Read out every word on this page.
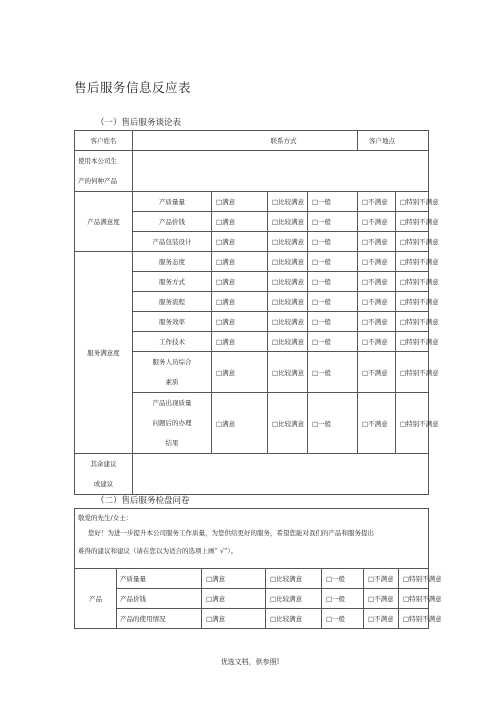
售后服务信息反应表
（一）售后服务谈论表
客户姓名			联系方式		客户地点	

使用本公司生
产的何种产品						

产品满意度	产质量量	□满意	□比较满意	□一般	□不满意	□特别不满意
	产品价钱	□满意	□比较满意	□一般	□不满意	□特别不满意
	产品包装设计	□满意	□比较满意	□一般	□不满意	□特别不满意
服务满意度	服务态度	□满意	□比较满意	□一般	□不满意	□特别不满意
	服务方式	□满意	□比较满意	□一般	□不满意	□特别不满意
	服务流程	□满意	□比较满意	□一般	□不满意	□特别不满意
	服务效率	□满意	□比较满意	□一般	□不满意	□特别不满意
	工作技术	□满意	□比较满意	□一般	□不满意	□特别不满意

	服务人员综合
素质	□满意	□比较满意	□一般	□不满意	□特别不满意

	产品出现质量
问题后的办理
结果	□满意	□比较满意	□一般	□不满意	□特别不满意

其余建议
或建议						

（二）售后服务检盘问卷
敬爱的先生/女士：
您好！为进一步提升本公司服务工作质量，为您供给更好的服务，希望您能对我们的产品和服务提出
难得的建议和建议（请在您以为适合的选项上画“ √”）。						

产品	产质量量	□满意	□比较满意	□一般	□不满意	□特别不满意
	产品价钱	□满意	□比较满意	□一般	□不满意	□特别不满意
	产品的使用情况	□满意	□比较满意	□一般	□不满意	□特别不满意
优选文档，供参照!
